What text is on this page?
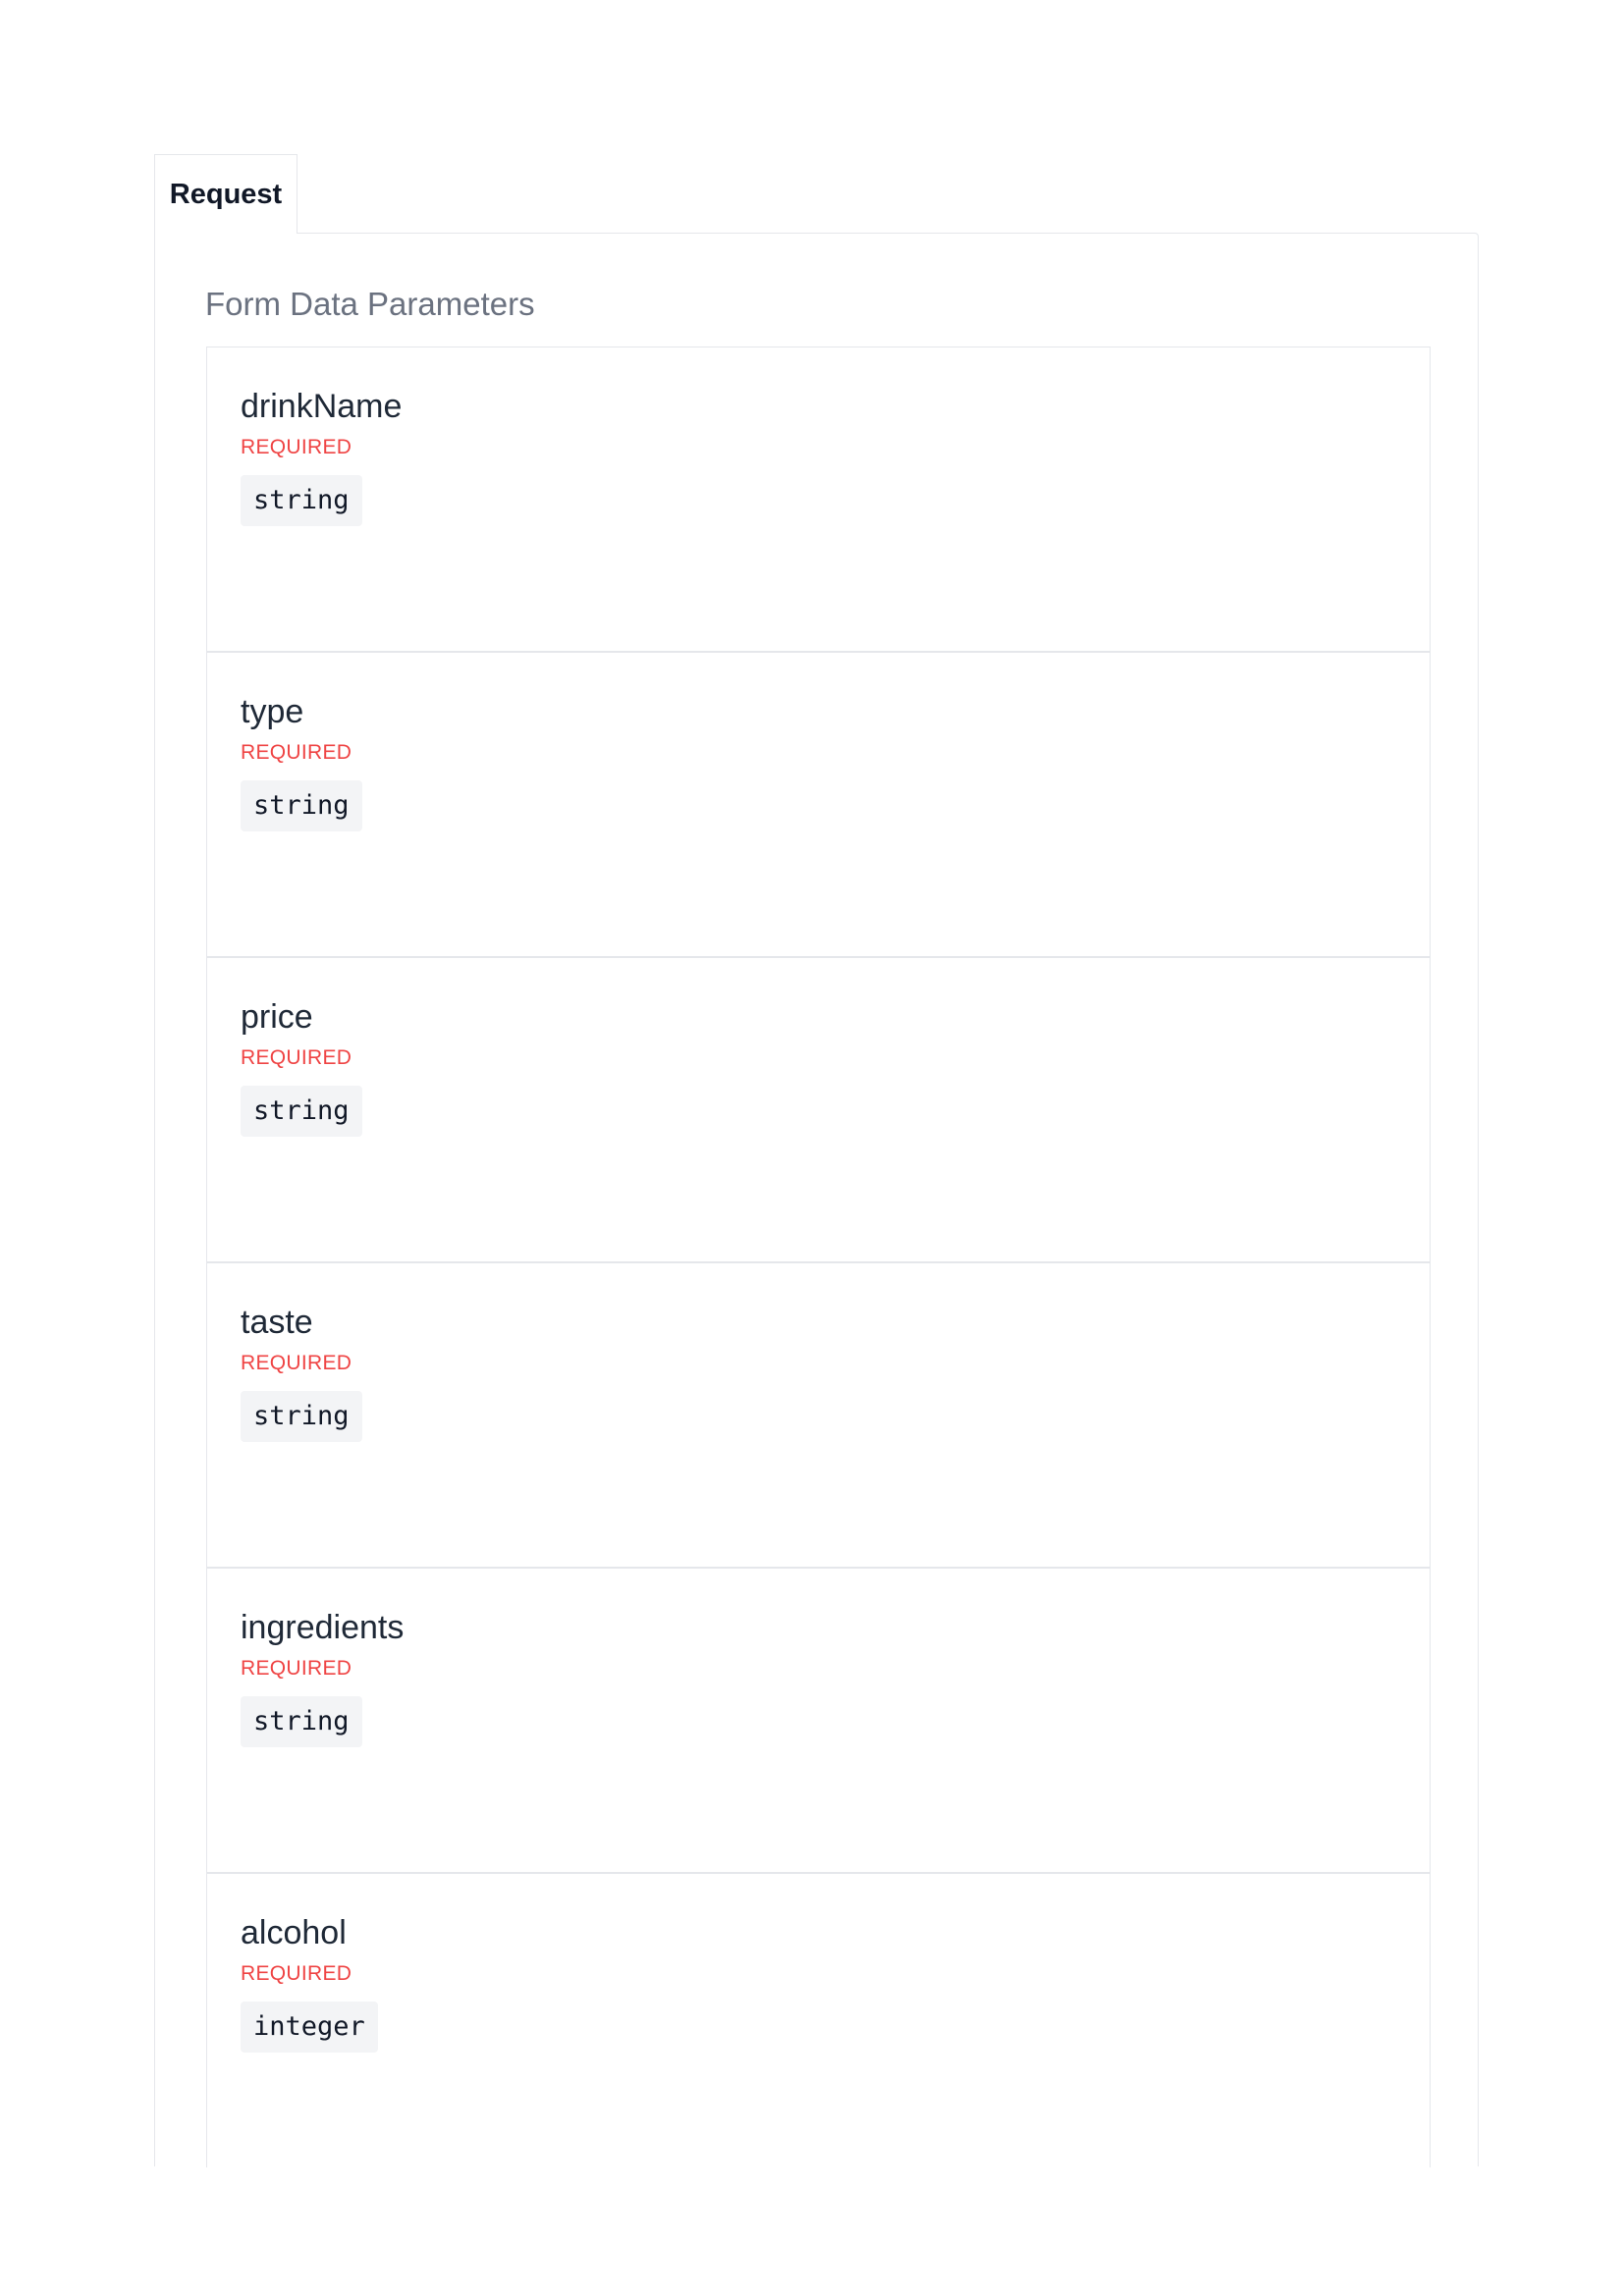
Request
Form Data Parameters
drinkName
REQUIRED
string
type
REQUIRED
string
price
REQUIRED
string
taste
REQUIRED
string
ingredients
REQUIRED
string
alcohol
REQUIRED
integer
